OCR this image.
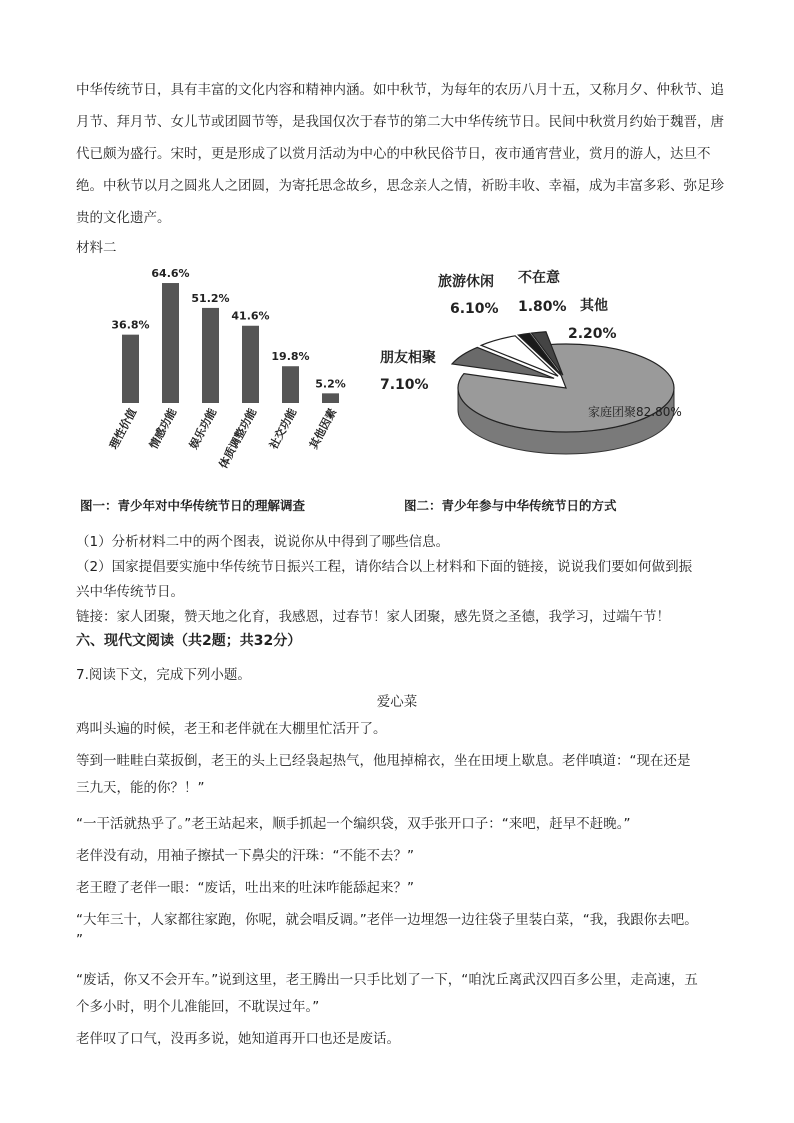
中华传统节日，具有丰富的文化内容和精神内涵。如中秋节，为每年的农历八月十五，又称月夕、仲秋节、追月节、拜月节、女儿节或团圆节等，是我国仅次于春节的第二大中华传统节日。民间中秋赏月约始于魏晋，唐代已颇为盛行。宋时，更是形成了以赏月活动为中心的中秋民俗节日，夜市通宵营业，赏月的游人，达旦不绝。中秋节以月之圆兆人之团圆，为寄托思念故乡，思念亲人之情，祈盼丰收、幸福，成为丰富多彩、弥足珍贵的文化遗产。

材料二
36.8%
理性价值
64.6%
情感功能
51.2%
娱乐功能
41.6%
体质调整功能
19.8%
社交功能
5.2%
其他因素
图一：青少年对中华传统节日的理解调查
家庭团聚82.80%
旅游休闲
6.10%
不在意
1.80% 其他
2.20%
朋友相聚
7.10%
图二：青少年参与中华传统节日的方式
（1）分析材料二中的两个图表，说说你从中得到了哪些信息。
（2）国家提倡要实施中华传统节日振兴工程，请你结合以上材料和下面的链接，说说我们要如何做到振
兴中华传统节日。
链接：家人团聚，赞天地之化育，我感恩，过春节！家人团聚，感先贤之圣德，我学习，过端午节！
六、现代文阅读（共2题；共32分）
7.阅读下文，完成下列小题。
爱心菜
鸡叫头遍的时候，老王和老伴就在大棚里忙活开了。
等到一畦畦白菜扳倒，老王的头上已经袅起热气，他甩掉棉衣，坐在田埂上歇息。老伴嗔道：“现在还是
三九天，能的你？！”
“一干活就热乎了。”老王站起来，顺手抓起一个编织袋，双手张开口子：“来吧，赶早不赶晚。”
老伴没有动，用袖子擦拭一下鼻尖的汗珠：“不能不去？”
老王瞪了老伴一眼：“废话，吐出来的吐沫咋能舔起来？”
“大年三十，人家都往家跑，你呢，就会唱反调。”老伴一边埋怨一边往袋子里装白菜，“我，我跟你去吧。
”
“废话，你又不会开车。”说到这里，老王腾出一只手比划了一下，“咱沈丘离武汉四百多公里，走高速，五
个多小时，明个儿准能回，不耽误过年。”
老伴叹了口气，没再多说，她知道再开口也还是废话。
